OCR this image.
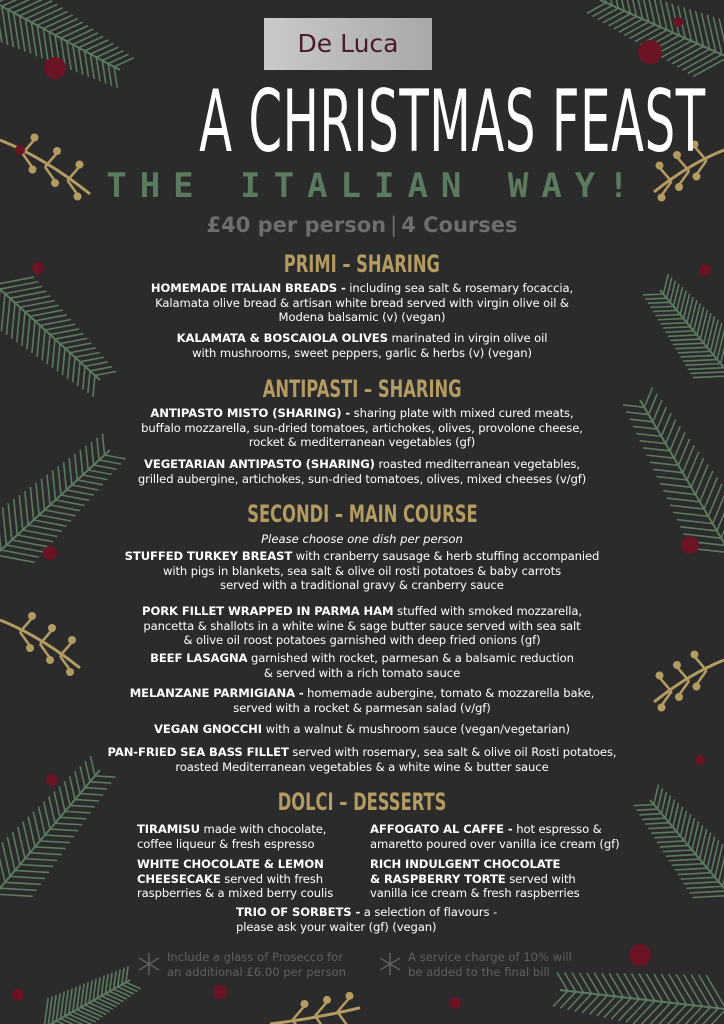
De Luca
A CHRISTMAS FEAST
THE ITALIAN WAY!
£40 per person | 4 Courses
PRIMI – SHARING
HOMEMADE ITALIAN BREADS - including sea salt & rosemary focaccia,
Kalamata olive bread & artisan white bread served with virgin olive oil &
Modena balsamic (v) (vegan)
KALAMATA & BOSCAIOLA OLIVES marinated in virgin olive oil
with mushrooms, sweet peppers, garlic & herbs (v) (vegan)
ANTIPASTI – SHARING
ANTIPASTO MISTO (SHARING) - sharing plate with mixed cured meats,
buffalo mozzarella, sun-dried tomatoes, artichokes, olives, provolone cheese,
rocket & mediterranean vegetables (gf)
VEGETARIAN ANTIPASTO (SHARING) roasted mediterranean vegetables,
grilled aubergine, artichokes, sun-dried tomatoes, olives, mixed cheeses (v/gf)
SECONDI – MAIN COURSE
Please choose one dish per person
STUFFED TURKEY BREAST with cranberry sausage & herb stuffing accompanied
with pigs in blankets, sea salt & olive oil rosti potatoes & baby carrots
served with a traditional gravy & cranberry sauce
PORK FILLET WRAPPED IN PARMA HAM stuffed with smoked mozzarella,
pancetta & shallots in a white wine & sage butter sauce served with sea salt
& olive oil roost potatoes garnished with deep fried onions (gf)
BEEF LASAGNA garnished with rocket, parmesan & a balsamic reduction
& served with a rich tomato sauce
MELANZANE PARMIGIANA - homemade aubergine, tomato & mozzarella bake,
served with a rocket & parmesan salad (v/gf)
VEGAN GNOCCHI with a walnut & mushroom sauce (vegan/vegetarian)
PAN-FRIED SEA BASS FILLET served with rosemary, sea salt & olive oil Rosti potatoes,
roasted Mediterranean vegetables & a white wine & butter sauce
DOLCI – DESSERTS
TIRAMISU made with chocolate,
coffee liqueur & fresh espresso
WHITE CHOCOLATE & LEMON
CHEESECAKE served with fresh
raspberries & a mixed berry coulis
AFFOGATO AL CAFFE - hot espresso &
amaretto poured over vanilla ice cream (gf)
RICH INDULGENT CHOCOLATE
& RASPBERRY TORTE served with
vanilla ice cream & fresh raspberries
TRIO OF SORBETS - a selection of flavours -
please ask your waiter (gf) (vegan)
Include a glass of Prosecco for
an additional £6.00 per person
A service charge of 10% will
be added to the final bill
